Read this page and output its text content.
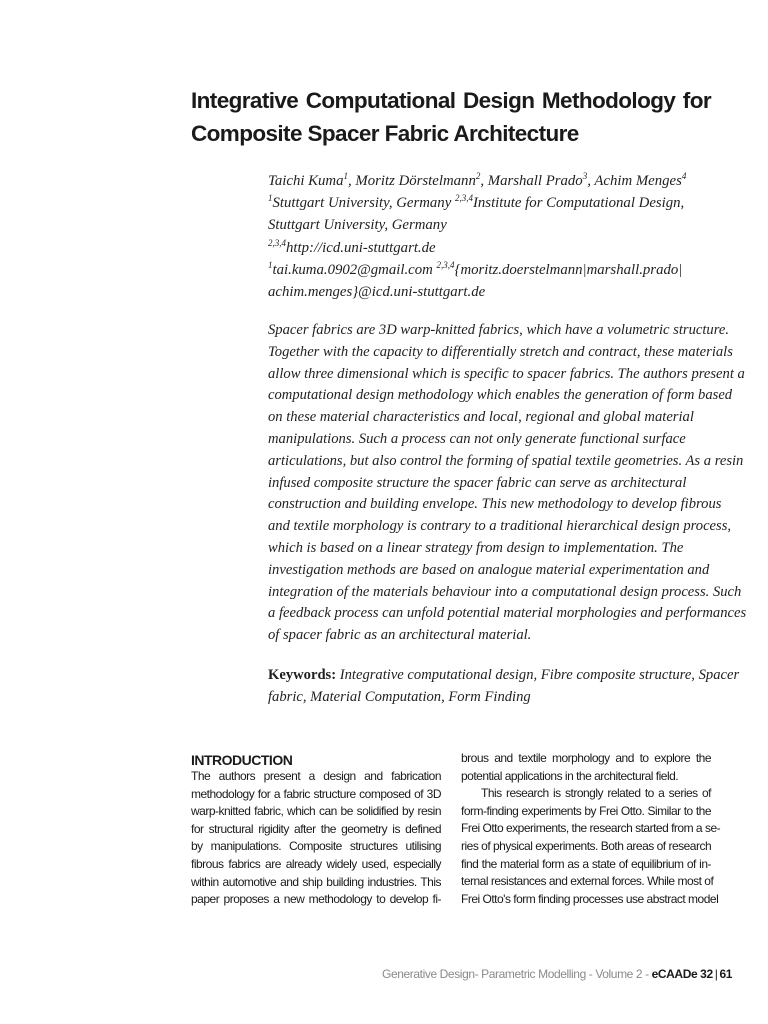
Integrative Computational Design Methodology for
Composite Spacer Fabric Architecture
Taichi Kuma$^1$, Moritz Dörstelmann$^2$, Marshall Prado$^3$, Achim Menges$^4$
$^1$Stuttgart University, Germany $^{2,3,4}$Institute for Computational Design,
Stuttgart University, Germany
$^{2,3,4}$http://icd.uni-stuttgart.de
$^1$tai.kuma.0902@gmail.com $^{2,3,4}${moritz.doerstelmann|marshall.prado|
achim.menges}@icd.uni-stuttgart.de
Spacer fabrics are 3D warp-knitted fabrics, which have a volumetric structure.
Together with the capacity to differentially stretch and contract, these materials
allow three dimensional which is specific to spacer fabrics. The authors present a
computational design methodology which enables the generation of form based
on these material characteristics and local, regional and global material
manipulations. Such a process can not only generate functional surface
articulations, but also control the forming of spatial textile geometries. As a resin
infused composite structure the spacer fabric can serve as architectural
construction and building envelope. This new methodology to develop fibrous
and textile morphology is contrary to a traditional hierarchical design process,
which is based on a linear strategy from design to implementation. The
investigation methods are based on analogue material experimentation and
integration of the materials behaviour into a computational design process. Such
a feedback process can unfold potential material morphologies and performances
of spacer fabric as an architectural material.
Keywords: Integrative computational design, Fibre composite structure, Spacer
fabric, Material Computation, Form Finding
INTRODUCTION
The authors present a design and fabrication
methodology for a fabric structure composed of 3D
warp-knitted fabric, which can be solidified by resin
for structural rigidity after the geometry is defined
by manipulations. Composite structures utilising
fibrous fabrics are already widely used, especially
within automotive and ship building industries. This
paper proposes a new methodology to develop fi-
brous and textile morphology and to explore the
potential applications in the architectural field.
This research is strongly related to a series of
form-finding experiments by Frei Otto. Similar to the
Frei Otto experiments, the research started from a se-
ries of physical experiments. Both areas of research
find the material form as a state of equilibrium of in-
ternal resistances and external forces. While most of
Frei Otto's form finding processes use abstract model
Generative Design- Parametric Modelling - Volume 2 - eCAADe 32 | 61
